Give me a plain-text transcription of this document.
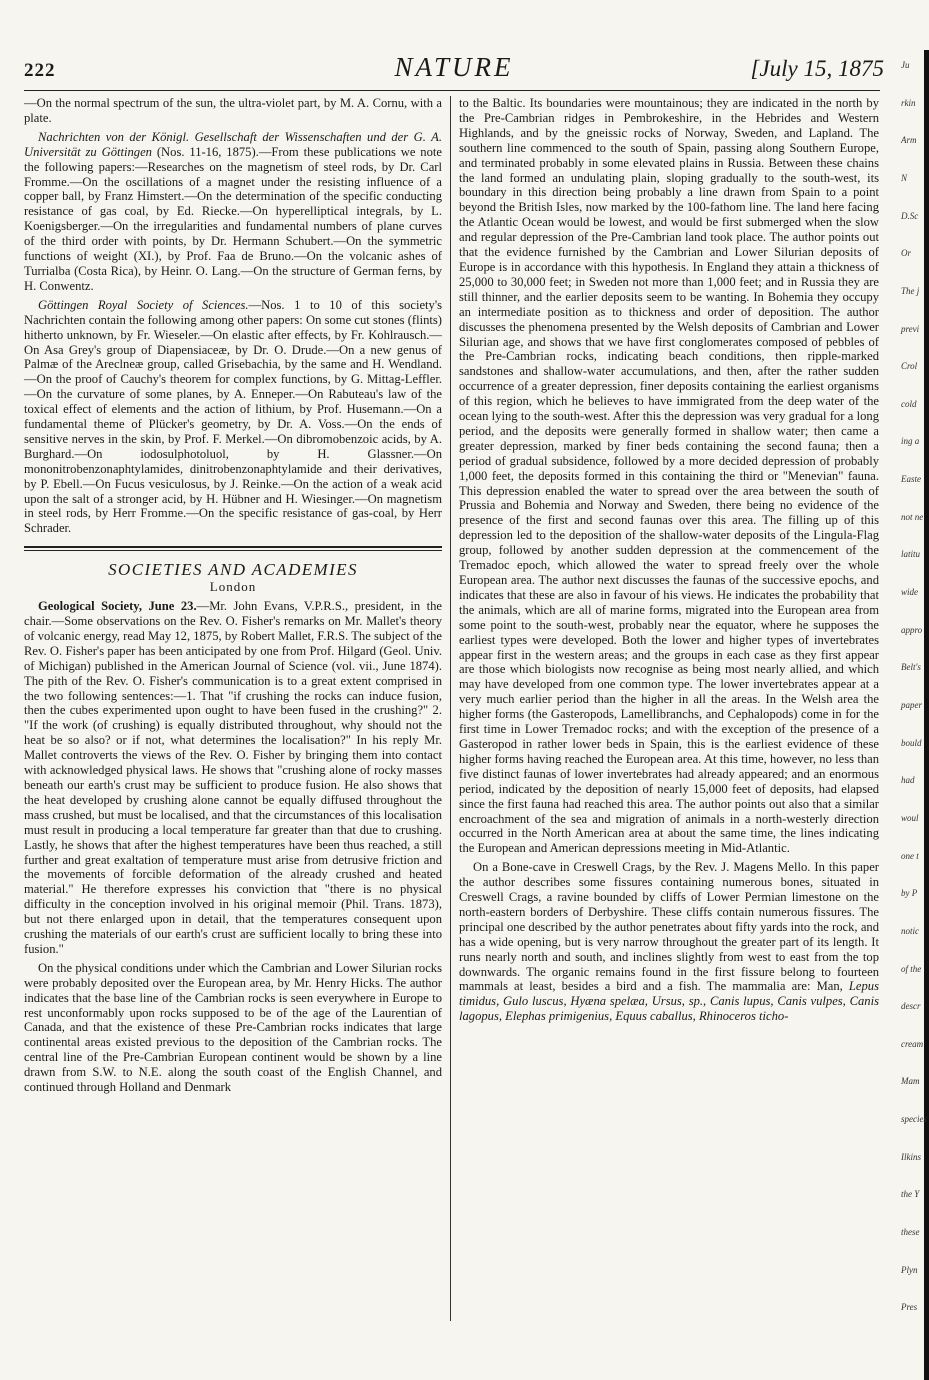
222	NATURE	[July 15, 1875

—On the normal spectrum of the sun, the ultra-violet part, by M. A. Cornu, with a plate.

Nachrichten von der Königl. Gesellschaft der Wissenschaften und der G. A. Universität zu Göttingen (Nos. 11-16, 1875).—From these publications we note the following papers:—Researches on the magnetism of steel rods, by Dr. Carl Fromme.—On the oscillations of a magnet under the resisting influence of a copper ball, by Franz Himstert.—On the determination of the specific conducting resistance of gas coal, by Ed. Riecke.—On hyperelliptical integrals, by L. Koenigsberger.—On the irregularities and fundamental numbers of plane curves of the third order with points, by Dr. Hermann Schubert.—On the symmetric functions of weight (XI.), by Prof. Faa de Bruno.—On the volcanic ashes of Turrialba (Costa Rica), by Heinr. O. Lang.—On the structure of German ferns, by H. Conwentz.

Göttingen Royal Society of Sciences.—Nos. 1 to 10 of this society's Nachrichten contain the following among other papers: On some cut stones (flints) hitherto unknown, by Fr. Wieseler.—On elastic after effects, by Fr. Kohlrausch.—On Asa Grey's group of Diapensiaceæ, by Dr. O. Drude.—On a new genus of Palmæ of the Areclneæ group, called Grisebachia, by the same and H. Wendland.—On the proof of Cauchy's theorem for complex functions, by G. Mittag-Leffler.—On the curvature of some planes, by A. Enneper.—On Rabuteau's law of the toxical effect of elements and the action of lithium, by Prof. Husemann.—On a fundamental theme of Plücker's geometry, by Dr. A. Voss.—On the ends of sensitive nerves in the skin, by Prof. F. Merkel.—On dibromobenzoic acids, by A. Burghard.—On iodosulphotoluol, by H. Glassner.—On mononitrobenzonaphtylamides, dinitrobenzonaphtylamide and their derivatives, by P. Ebell.—On Fucus vesiculosus, by J. Reinke.—On the action of a weak acid upon the salt of a stronger acid, by H. Hübner and H. Wiesinger.—On magnetism in steel rods, by Herr Fromme.—On the specific resistance of gas-coal, by Herr Schrader.

SOCIETIES AND ACADEMIES
London

Geological Society, June 23.—Mr. John Evans, V.P.R.S., president, in the chair.—Some observations on the Rev. O. Fisher's remarks on Mr. Mallet's theory of volcanic energy, read May 12, 1875, by Robert Mallet, F.R.S. The subject of the Rev. O. Fisher's paper has been anticipated by one from Prof. Hilgard (Geol. Univ. of Michigan) published in the American Journal of Science (vol. vii., June 1874). The pith of the Rev. O. Fisher's communication is to a great extent comprised in the two following sentences:—1. That "if crushing the rocks can induce fusion, then the cubes experimented upon ought to have been fused in the crushing?" 2. "If the work (of crushing) is equally distributed throughout, why should not the heat be so also? or if not, what determines the localisation?" In his reply Mr. Mallet controverts the views of the Rev. O. Fisher by bringing them into contact with acknowledged physical laws. He shows that "crushing alone of rocky masses beneath our earth's crust may be sufficient to produce fusion. He also shows that the heat developed by crushing alone cannot be equally diffused throughout the mass crushed, but must be localised, and that the circumstances of this localisation must result in producing a local temperature far greater than that due to crushing. Lastly, he shows that after the highest temperatures have been thus reached, a still further and great exaltation of temperature must arise from detrusive friction and the movements of forcible deformation of the already crushed and heated material." He therefore expresses his conviction that "there is no physical difficulty in the conception involved in his original memoir (Phil. Trans. 1873), but not there enlarged upon in detail, that the temperatures consequent upon crushing the materials of our earth's crust are sufficient locally to bring these into fusion."

On the physical conditions under which the Cambrian and Lower Silurian rocks were probably deposited over the European area, by Mr. Henry Hicks. The author indicates that the base line of the Cambrian rocks is seen everywhere in Europe to rest unconformably upon rocks supposed to be of the age of the Laurentian of Canada, and that the existence of these Pre-Cambrian rocks indicates that large continental areas existed previous to the deposition of the Cambrian rocks. The central line of the Pre-Cambrian European continent would be shown by a line drawn from S.W. to N.E. along the south coast of the English Channel, and continued through Holland and Denmark

to the Baltic. Its boundaries were mountainous; they are indicated in the north by the Pre-Cambrian ridges in Pembrokeshire, in the Hebrides and Western Highlands, and by the gneissic rocks of Norway, Sweden, and Lapland. The southern line commenced to the south of Spain, passing along Southern Europe, and terminated probably in some elevated plains in Russia. Between these chains the land formed an undulating plain, sloping gradually to the south-west, its boundary in this direction being probably a line drawn from Spain to a point beyond the British Isles, now marked by the 100-fathom line. The land here facing the Atlantic Ocean would be lowest, and would be first submerged when the slow and regular depression of the Pre-Cambrian land took place. The author points out that the evidence furnished by the Cambrian and Lower Silurian deposits of Europe is in accordance with this hypothesis. In England they attain a thickness of 25,000 to 30,000 feet; in Sweden not more than 1,000 feet; and in Russia they are still thinner, and the earlier deposits seem to be wanting. In Bohemia they occupy an intermediate position as to thickness and order of deposition. The author discusses the phenomena presented by the Welsh deposits of Cambrian and Lower Silurian age, and shows that we have first conglomerates composed of pebbles of the Pre-Cambrian rocks, indicating beach conditions, then ripple-marked sandstones and shallow-water accumulations, and then, after the rather sudden occurrence of a greater depression, finer deposits containing the earliest organisms of this region, which he believes to have immigrated from the deep water of the ocean lying to the south-west. After this the depression was very gradual for a long period, and the deposits were generally formed in shallow water; then came a greater depression, marked by finer beds containing the second fauna; then a period of gradual subsidence, followed by a more decided depression of probably 1,000 feet, the deposits formed in this containing the third or "Menevian" fauna. This depression enabled the water to spread over the area between the south of Prussia and Bohemia and Norway and Sweden, there being no evidence of the presence of the first and second faunas over this area. The filling up of this depression led to the deposition of the shallow-water deposits of the Lingula-Flag group, followed by another sudden depression at the commencement of the Tremadoc epoch, which allowed the water to spread freely over the whole European area. The author next discusses the faunas of the successive epochs, and indicates that these are also in favour of his views. He indicates the probability that the animals, which are all of marine forms, migrated into the European area from some point to the south-west, probably near the equator, where he supposes the earliest types were developed. Both the lower and higher types of invertebrates appear first in the western areas; and the groups in each case as they first appear are those which biologists now recognise as being most nearly allied, and which may have developed from one common type. The lower invertebrates appear at a very much earlier period than the higher in all the areas. In the Welsh area the higher forms (the Gasteropods, Lamellibranchs, and Cephalopods) come in for the first time in Lower Tremadoc rocks; and with the exception of the presence of a Gasteropod in rather lower beds in Spain, this is the earliest evidence of these higher forms having reached the European area. At this time, however, no less than five distinct faunas of lower invertebrates had already appeared; and an enormous period, indicated by the deposition of nearly 15,000 feet of deposits, had elapsed since the first fauna had reached this area. The author points out also that a similar encroachment of the sea and migration of animals in a north-westerly direction occurred in the North American area at about the same time, the lines indicating the European and American depressions meeting in Mid-Atlantic.

On a Bone-cave in Creswell Crags, by the Rev. J. Magens Mello. In this paper the author describes some fissures containing numerous bones, situated in Creswell Crags, a ravine bounded by cliffs of Lower Permian limestone on the north-eastern borders of Derbyshire. These cliffs contain numerous fissures. The principal one described by the author penetrates about fifty yards into the rock, and has a wide opening, but is very narrow throughout the greater part of its length. It runs nearly north and south, and inclines slightly from west to east from the top downwards. The organic remains found in the first fissure belong to fourteen mammals at least, besides a bird and a fish. The mammalia are: Man, Lepus timidus, Gulo luscus, Hyæna spelæa, Ursus, sp., Canis lupus, Canis vulpes, Canis lagopus, Elephas primigenius, Equus caballus, Rhinoceros ticho-

Ju
rkin
Arm
N
D.Sc
Or
The j
previ
Crol
cold
ing a
Easte
not ne
latitu
wide
appro
Belt's
paper
bould
had
woul
one t
by P
notic
of the
descr
cream
Mam
species
Ilkins
the Y
these
Plyn
Pres
